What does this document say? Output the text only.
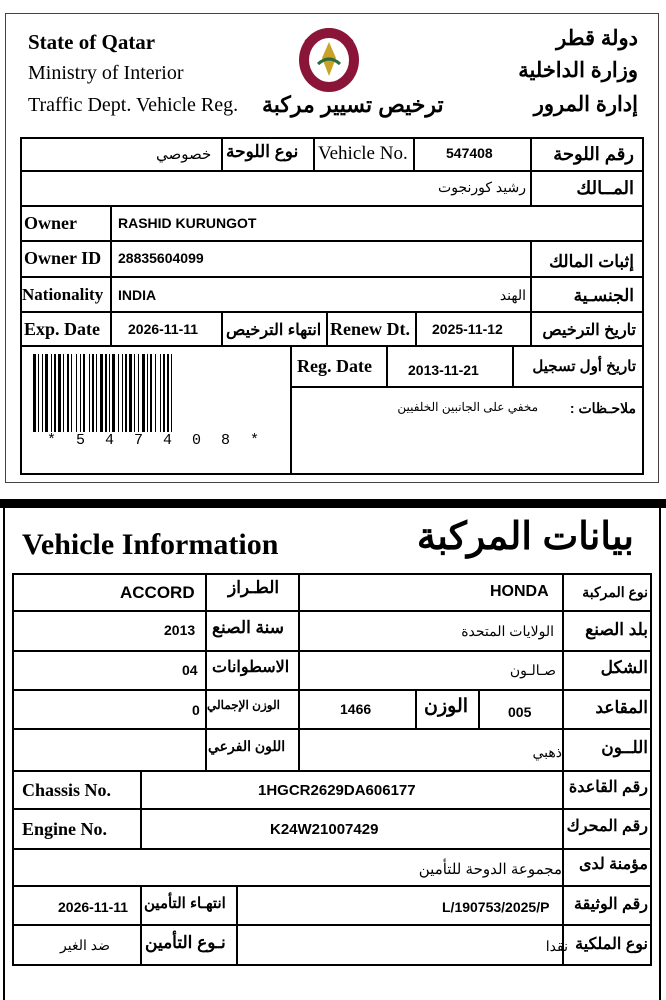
State of Qatar
Ministry of Interior
Traffic Dept. Vehicle Reg. ترخيص تسيير مركبة
دولة قطر
وزارة الداخلية
إدارة المرور
خصوصي نوع اللوحة Vehicle No.	547408	رقم اللوحة
رشيد كورنجوت	المــالك
Owner	RASHID KURUNGOT
Owner ID 28835604099	إثبات المالك
Nationality INDIA	الهند	الجنسـية
Exp. Date 2026-11-11 انتهاء الترخيص Renew Dt. 2025-11-12 تاريخ الترخيص
Reg. Date	2013-11-21	تاريخ أول تسجيل
ملاحـظات :
مخفي على الجانبين الخلفيين
* 5 4 7 4 0 8 *
Vehicle Information	بيانات المركبة
ACCORD الطـراز	HONDA نوع المركبة
2013 سنة الصنع	الولايات المتحدة بلد الصنع
04 الاسطوانات	صـالـون	الشكل
0 الوزن الإجمالي	1466	الوزن	005	المقاعد
اللون الفرعي	ذهبي اللــون
Chassis No.	1HGCR2629DA606177	رقم القاعدة
Engine No.	K24W21007429	رقم المحرك
مجموعة الدوحة للتأمين مؤمنة لدى
2026-11-11 انتهـاء التأمين	L/190753/2025/P رقم الوثيقة
ضد الغير نـوع التأمين	نقدا نوع الملكية
